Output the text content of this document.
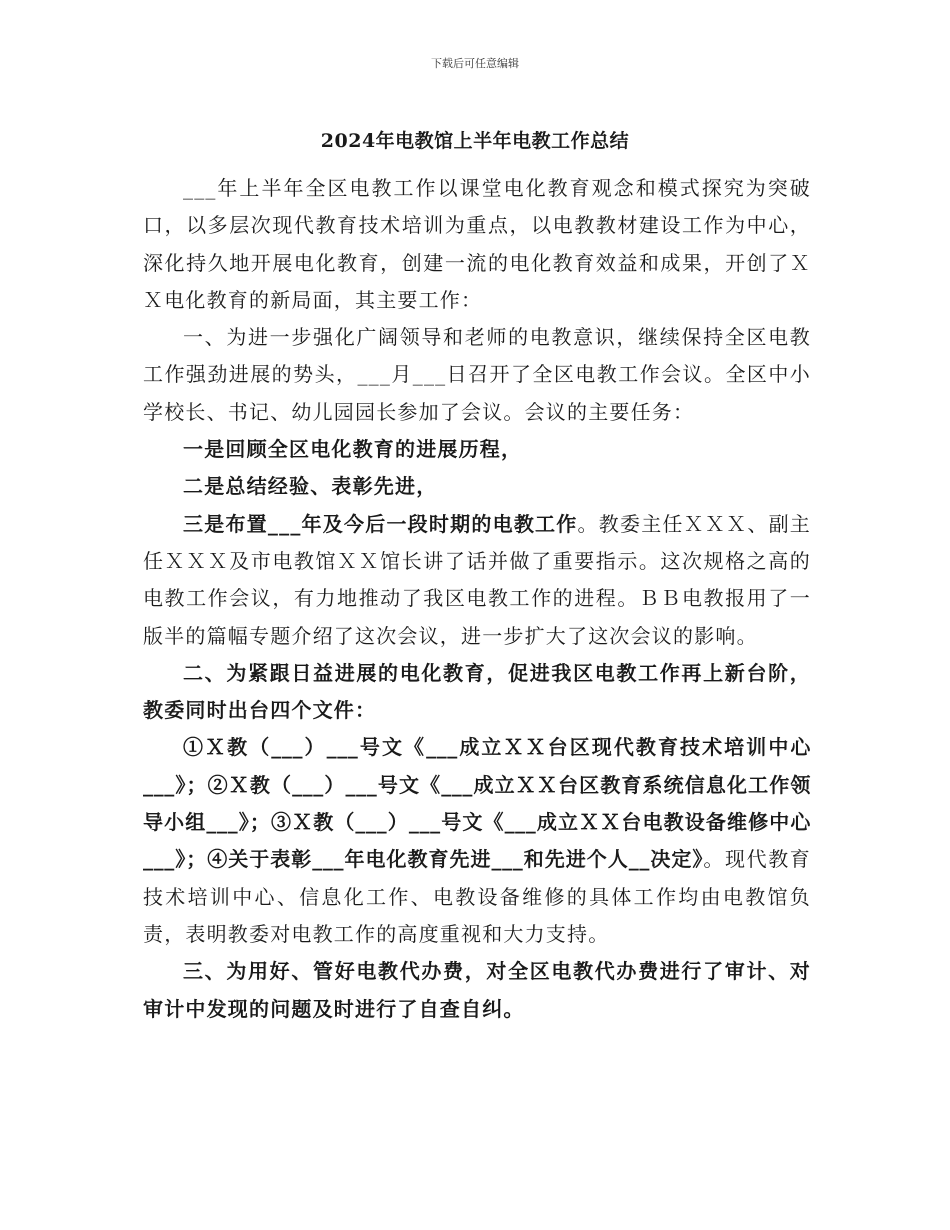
下载后可任意编辑
2024年电教馆上半年电教工作总结

___年上半年全区电教工作以课堂电化教育观念和模式探究为突破口，以多层次现代教育技术培训为重点，以电教教材建设工作为中心，深化持久地开展电化教育，创建一流的电化教育效益和成果，开创了ＸＸ电化教育的新局面，其主要工作：

一、为进一步强化广阔领导和老师的电教意识，继续保持全区电教工作强劲进展的势头，___月___日召开了全区电教工作会议。全区中小学校长、书记、幼儿园园长参加了会议。会议的主要任务：

一是回顾全区电化教育的进展历程，

二是总结经验、表彰先进，

三是布置___年及今后一段时期的电教工作。教委主任ＸＸＸ、副主任ＸＸＸ及市电教馆ＸＸ馆长讲了话并做了重要指示。这次规格之高的电教工作会议，有力地推动了我区电教工作的进程。ＢＢ电教报用了一版半的篇幅专题介绍了这次会议，进一步扩大了这次会议的影响。

二、为紧跟日益进展的电化教育，促进我区电教工作再上新台阶，教委同时出台四个文件：

①Ｘ教（___）___号文《___成立ＸＸ台区现代教育技术培训中心___》；②Ｘ教（___）___号文《___成立ＸＸ台区教育系统信息化工作领导小组___》；③Ｘ教（___）___号文《___成立ＸＸ台电教设备维修中心___》；④关于表彰___年电化教育先进___和先进个人__决定》。现代教育技术培训中心、信息化工作、电教设备维修的具体工作均由电教馆负责，表明教委对电教工作的高度重视和大力支持。

三、为用好、管好电教代办费，对全区电教代办费进行了审计、对审计中发现的问题及时进行了自查自纠。
